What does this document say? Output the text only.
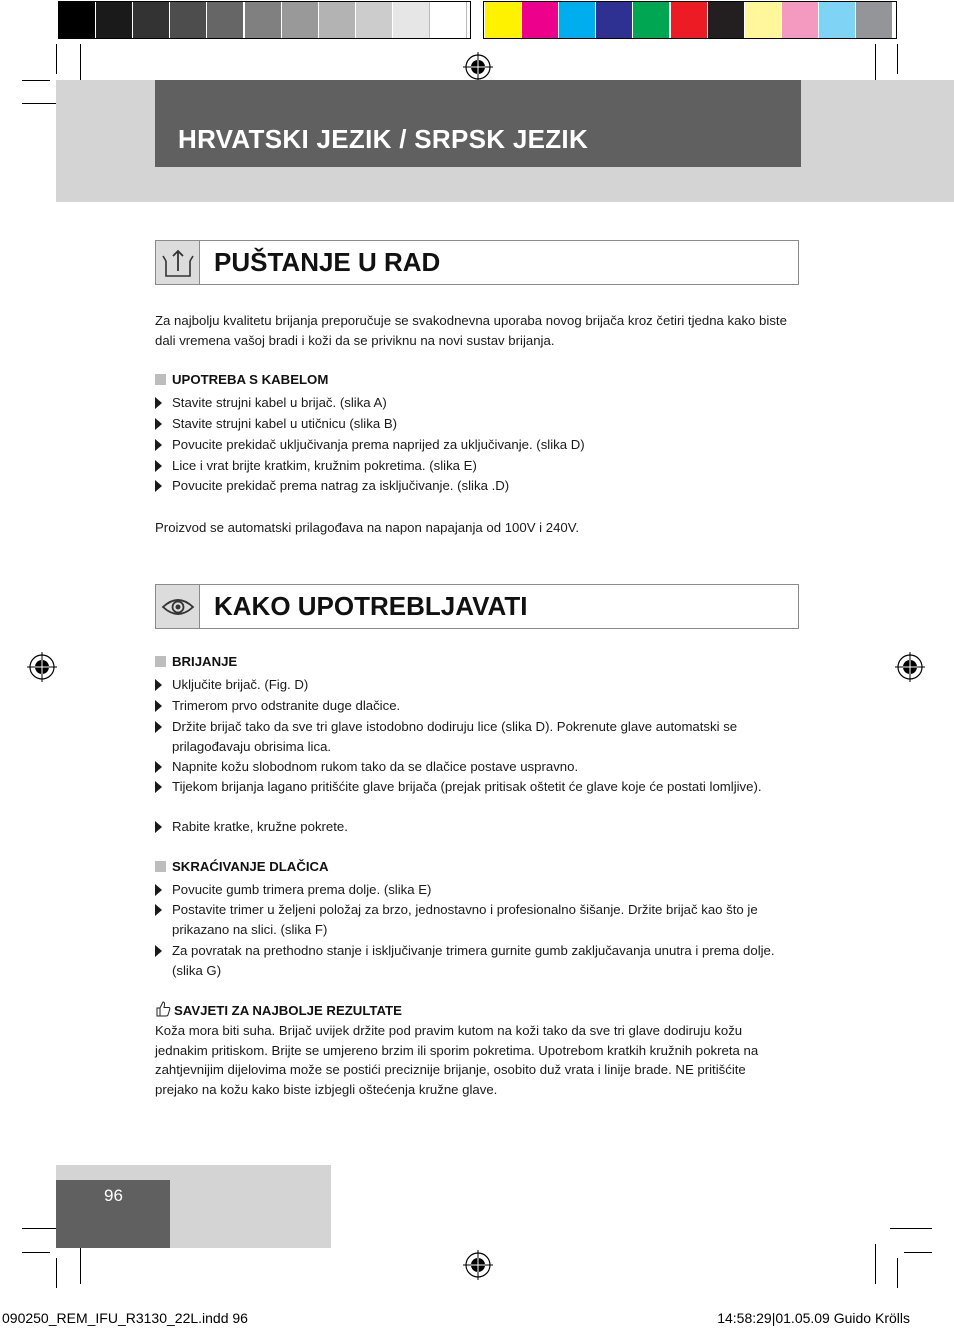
HRVATSKI JEZIK / SRPSK JEZIK
PUŠTANJE U RAD
Za najbolju kvalitetu brijanja preporučuje se svakodnevna uporaba novog brijača kroz četiri tjedna kako biste dali vremena vašoj bradi i koži da se priviknu na novi sustav brijanja.
UPOTREBA S KABELOM
Stavite strujni kabel u brijač. (slika A)
Stavite strujni kabel u utičnicu (slika B)
Povucite prekidač uključivanja prema naprijed za uključivanje. (slika D)
Lice i vrat brijte kratkim, kružnim pokretima. (slika E)
Povucite prekidač prema natrag za isključivanje. (slika .D)
Proizvod se automatski prilagođava na napon napajanja od 100V i 240V.
KAKO UPOTREBLJAVATI
BRIJANJE
Uključite brijač. (Fig. D)
Trimerom prvo odstranite duge dlačice.
Držite brijač tako da sve tri glave istodobno dodiruju lice (slika D). Pokrenute glave automatski se prilagođavaju obrisima lica.
Napnite kožu slobodnom rukom tako da se dlačice postave uspravno.
Tijekom brijanja lagano pritišćite glave brijača (prejak pritisak oštetit će glave koje će postati lomljive).
Rabite kratke, kružne pokrete.
SKRAĆIVANJE DLAČICA
Povucite gumb trimera prema dolje. (slika E)
Postavite trimer u željeni položaj za brzo, jednostavno i profesionalno šišanje. Držite brijač kao što je prikazano na slici. (slika F)
Za povratak na prethodno stanje i isključivanje trimera gurnite gumb zaključavanja unutra i prema dolje. (slika G)
SAVJETI ZA NAJBOLJE REZULTATE
Koža mora biti suha. Brijač uvijek držite pod pravim kutom na koži tako da sve tri glave dodiruju kožu jednakim pritiskom. Brijte se umjereno brzim ili sporim pokretima. Upotrebom kratkih kružnih pokreta na zahtjevnijim dijelovima može se postići preciznije brijanje, osobito duž vrata i linije brade. NE pritišćite prejako na kožu kako biste izbjegli oštećenja kružne glave.
96
090250_REM_IFU_R3130_22L.indd 96	14:58:29|01.05.09 Guido Krölls
